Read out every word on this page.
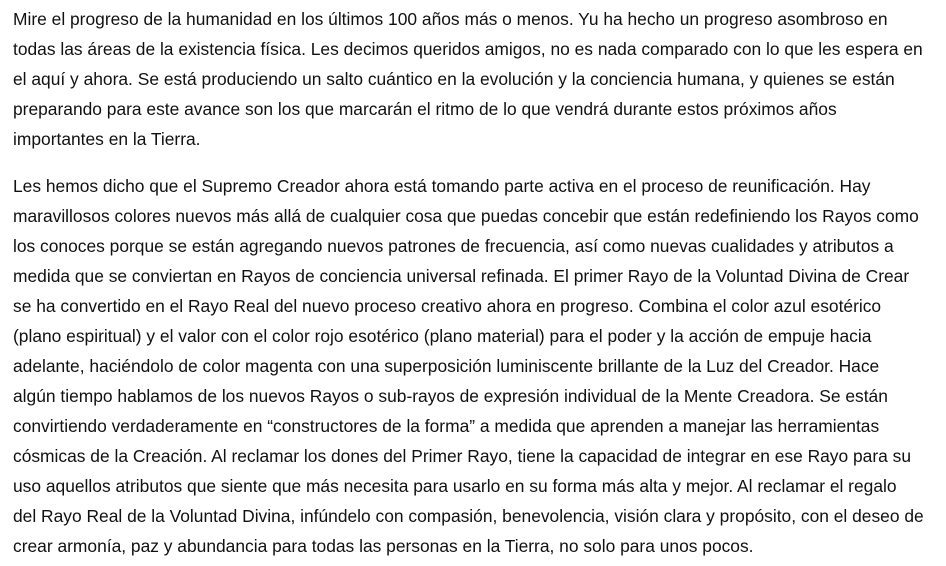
Mire el progreso de la humanidad en los últimos 100 años más o menos. Yu ha hecho un progreso asombroso en
todas las áreas de la existencia física. Les decimos queridos amigos, no es nada comparado con lo que les espera en
el aquí y ahora. Se está produciendo un salto cuántico en la evolución y la conciencia humana, y quienes se están
preparando para este avance son los que marcarán el ritmo de lo que vendrá durante estos próximos años
importantes en la Tierra.

Les hemos dicho que el Supremo Creador ahora está tomando parte activa en el proceso de reunificación. Hay
maravillosos colores nuevos más allá de cualquier cosa que puedas concebir que están redefiniendo los Rayos como
los conoces porque se están agregando nuevos patrones de frecuencia, así como nuevas cualidades y atributos a
medida que se conviertan en Rayos de conciencia universal refinada. El primer Rayo de la Voluntad Divina de Crear
se ha convertido en el Rayo Real del nuevo proceso creativo ahora en progreso. Combina el color azul esotérico
(plano espiritual) y el valor con el color rojo esotérico (plano material) para el poder y la acción de empuje hacia
adelante, haciéndolo de color magenta con una superposición luminiscente brillante de la Luz del Creador. Hace
algún tiempo hablamos de los nuevos Rayos o sub-rayos de expresión individual de la Mente Creadora. Se están
convirtiendo verdaderamente en “constructores de la forma” a medida que aprenden a manejar las herramientas
cósmicas de la Creación. Al reclamar los dones del Primer Rayo, tiene la capacidad de integrar en ese Rayo para su
uso aquellos atributos que siente que más necesita para usarlo en su forma más alta y mejor. Al reclamar el regalo
del Rayo Real de la Voluntad Divina, infúndelo con compasión, benevolencia, visión clara y propósito, con el deseo de
crear armonía, paz y abundancia para todas las personas en la Tierra, no solo para unos pocos.
